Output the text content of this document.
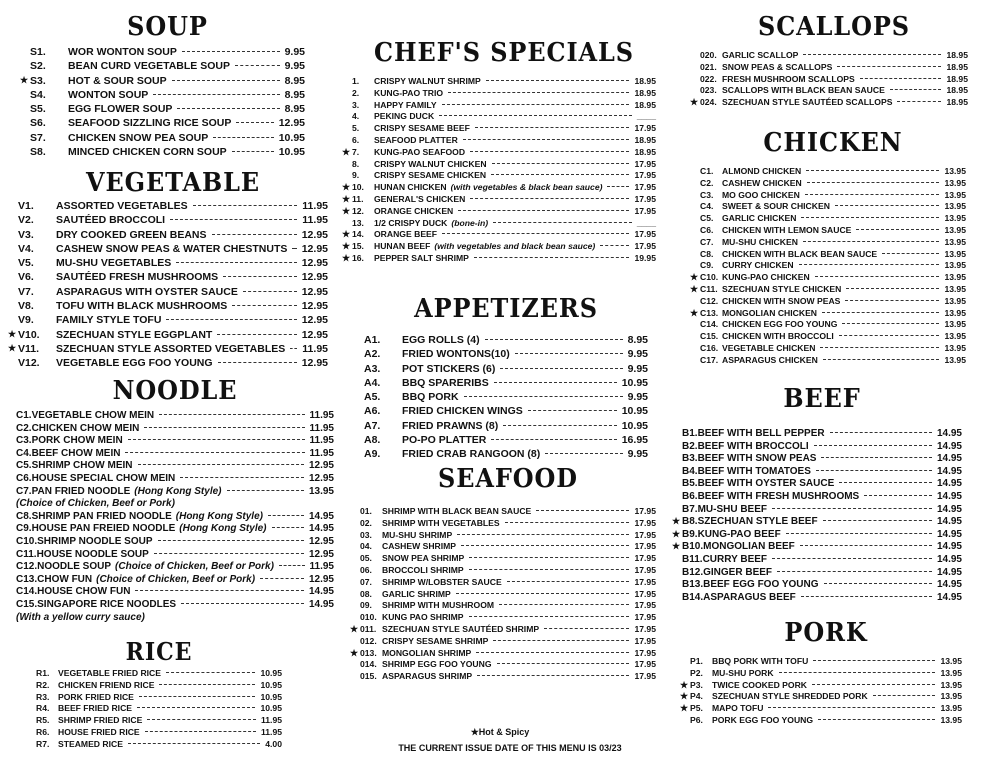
SOUP
S1.	WOR WONTON SOUP	9.95
S2.	BEAN CURD VEGETABLE SOUP	9.95
★ S3.	HOT & SOUR SOUP	8.95
S4.	WONTON SOUP	8.95
S5.	EGG FLOWER SOUP	8.95
S6.	SEAFOOD SIZZLING RICE SOUP	12.95
S7.	CHICKEN SNOW PEA SOUP	10.95
S8.	MINCED CHICKEN CORN SOUP	10.95
VEGETABLE
V1.	ASSORTED VEGETABLES	11.95
V2.	SAUTÉED BROCCOLI	11.95
V3.	DRY COOKED GREEN BEANS	12.95
V4.	CASHEW SNOW PEAS & WATER CHESTNUTS 12.95
V5.	MU-SHU VEGETABLES	12.95
V6.	SAUTÉED FRESH MUSHROOMS	12.95
V7.	ASPARAGUS WITH OYSTER SAUCE	12.95
V8.	TOFU WITH BLACK MUSHROOMS	12.95
V9.	FAMILY STYLE TOFU	12.95
★ V10.	SZECHUAN STYLE EGGPLANT	12.95
★ V11.	SZECHUAN STYLE ASSORTED VEGETABLES 11.95
V12.	VEGETABLE EGG FOO YOUNG	12.95
NOODLE
C1. VEGETABLE CHOW MEIN	11.95
C2. CHICKEN CHOW MEIN	11.95
C3. PORK CHOW MEIN	11.95
C4. BEEF CHOW MEIN	11.95
C5. SHRIMP CHOW MEIN	12.95
C6. HOUSE SPECIAL CHOW MEIN	12.95
C7. PAN FRIED NOODLE (Hong Kong Style)	13.95
(Choice of Chicken, Beef or Pork)
C8. SHRIMP PAN FRIED NOODLE (Hong Kong Style)	14.95
C9. HOUSE PAN FREIED NOODLE (Hong Kong Style)	14.95
C10. SHRIMP NOODLE SOUP	12.95
C11. HOUSE NOODLE SOUP	12.95
C12. NOODLE SOUP (Choice of Chicken, Beef or Pork)	11.95
C13. CHOW FUN (Choice of Chicken, Beef or Pork)	12.95
C14. HOUSE CHOW FUN	14.95
C15. SINGAPORE RICE NOODLES	14.95
(With a yellow curry sauce)
RICE
R1.	VEGETABLE FRIED RICE	10.95
R2.	CHICKEN FRIEND RICE	10.95
R3.	PORK FRIED RICE	10.95
R4.	BEEF FRIED RICE	10.95
R5.	SHRIMP FRIED RICE	11.95
R6.	HOUSE FRIED RICE	11.95
R7.	STEAMED RICE	4.00
CHEF'S SPECIALS
1.	CRISPY WALNUT SHRIMP	18.95
2.	KUNG-PAO TRIO	18.95
3.	HAPPY FAMILY	18.95
4.	PEKING DUCK	____
5.	CRISPY SESAME BEEF	17.95
6.	SEAFOOD PLATTER	18.95
★ 7.	KUNG-PAO SEAFOOD	18.95
8.	CRISPY WALNUT CHICKEN	17.95
9.	CRISPY SESAME CHICKEN	17.95
★ 10.	HUNAN CHICKEN (with vegetables & black bean sauce)	17.95
★ 11.	GENERAL'S CHICKEN	17.95
★ 12.	ORANGE CHICKEN	17.95
13.	1/2 CRISPY DUCK (bone-in)	____
★ 14.	ORANGE BEEF	17.95
★ 15.	HUNAN BEEF (with vegetables and black bean sauce)	17.95
★ 16.	PEPPER SALT SHRIMP	19.95
APPETIZERS
A1.	EGG ROLLS (4)	8.95
A2.	FRIED WONTONS(10)	9.95
A3.	POT STICKERS (6)	9.95
A4.	BBQ SPARERIBS	10.95
A5.	BBQ PORK	9.95
A6.	FRIED CHICKEN WINGS	10.95
A7.	FRIED PRAWNS (8)	10.95
A8.	PO-PO PLATTER	16.95
A9.	FRIED CRAB RANGOON (8)	9.95
SEAFOOD
01.	SHRIMP WITH BLACK BEAN SAUCE	17.95
02.	SHRIMP WITH VEGETABLES	17.95
03.	MU-SHU SHRIMP	17.95
04.	CASHEW SHRIMP	17.95
05.	SNOW PEA SHRIMP	17.95
06.	BROCCOLI SHRIMP	17.95
07.	SHRIMP W/LOBSTER SAUCE	17.95
08.	GARLIC SHRIMP	17.95
09.	SHRIMP WITH MUSHROOM	17.95
010. KUNG PAO SHRIMP	17.95
★ 011. SZECHUAN STYLE SAUTÉED SHRIMP	17.95
012. CRISPY SESAME SHRIMP	17.95
★ 013. MONGOLIAN SHRIMP	17.95
014. SHRIMP EGG FOO YOUNG	17.95
015. ASPARAGUS SHRIMP	17.95
★Hot & Spicy
THE CURRENT ISSUE DATE OF THIS MENU IS 03/23
SCALLOPS
020. GARLIC SCALLOP	18.95
021. SNOW PEAS & SCALLOPS	18.95
022. FRESH MUSHROOM SCALLOPS	18.95
023. SCALLOPS WITH BLACK BEAN SAUCE	18.95
★ 024. SZECHUAN STYLE SAUTÉED SCALLOPS	18.95
CHICKEN
C1.	ALMOND CHICKEN	13.95
C2.	CASHEW CHICKEN	13.95
C3.	MO GOO CHICKEN	13.95
C4.	SWEET & SOUR CHICKEN	13.95
C5.	GARLIC CHICKEN	13.95
C6.	CHICKEN WITH LEMON SAUCE	13.95
C7.	MU-SHU CHICKEN	13.95
C8.	CHICKEN WITH BLACK BEAN SAUCE	13.95
C9.	CURRY CHICKEN	13.95
★ C10. KUNG-PAO CHICKEN	13.95
★ C11. SZECHUAN STYLE CHICKEN	13.95
C12. CHICKEN WITH SNOW PEAS	13.95
★ C13. MONGOLIAN CHICKEN	13.95
C14. CHICKEN EGG FOO YOUNG	13.95
C15. CHICKEN WITH BROCCOLI	13.95
C16. VEGETABLE CHICKEN	13.95
C17. ASPARAGUS CHICKEN	13.95
BEEF
B1. BEEF WITH BELL PEPPER	14.95
B2. BEEF WITH BROCCOLI	14.95
B3. BEEF WITH SNOW PEAS	14.95
B4. BEEF WITH TOMATOES	14.95
B5. BEEF WITH OYSTER SAUCE	14.95
B6. BEEF WITH FRESH MUSHROOMS	14.95
B7. MU-SHU BEEF	14.95
★ B8. SZECHUAN STYLE BEEF	14.95
★ B9. KUNG-PAO BEEF	14.95
★ B10. MONGOLIAN BEEF	14.95
B11. CURRY BEEF	14.95
B12. GINGER BEEF	14.95
B13. BEEF EGG FOO YOUNG	14.95
B14. ASPARAGUS BEEF	14.95
PORK
P1.	BBQ PORK WITH TOFU	13.95
P2.	MU-SHU PORK	13.95
★ P3.	TWICE COOKED PORK	13.95
★ P4.	SZECHUAN STYLE SHREDDED PORK	13.95
★ P5.	MAPO TOFU	13.95
P6.	PORK EGG FOO YOUNG	13.95
